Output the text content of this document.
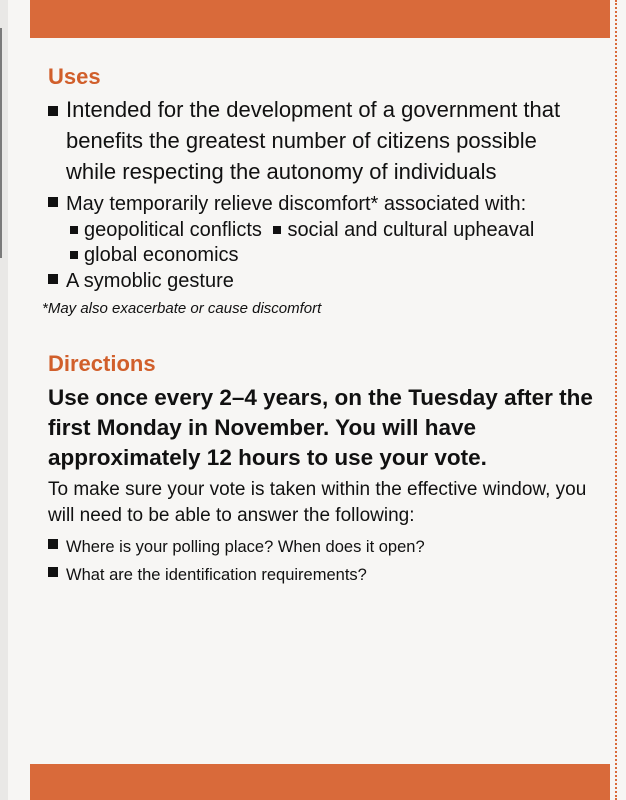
Uses
Intended for the development of a government that benefits the greatest number of citizens possible while respecting the autonomy of individuals
May temporarily relieve discomfort* associated with:
geopolitical conflicts social and cultural upheaval
global economics
A symoblic gesture
*May also exacerbate or cause discomfort
Directions
Use once every 2–4 years, on the Tuesday after the first Monday in November. You will have approximately 12 hours to use your vote.
To make sure your vote is taken within the effective window, you will need to be able to answer the following:
Where is your polling place? When does it open?
What are the identification requirements?
